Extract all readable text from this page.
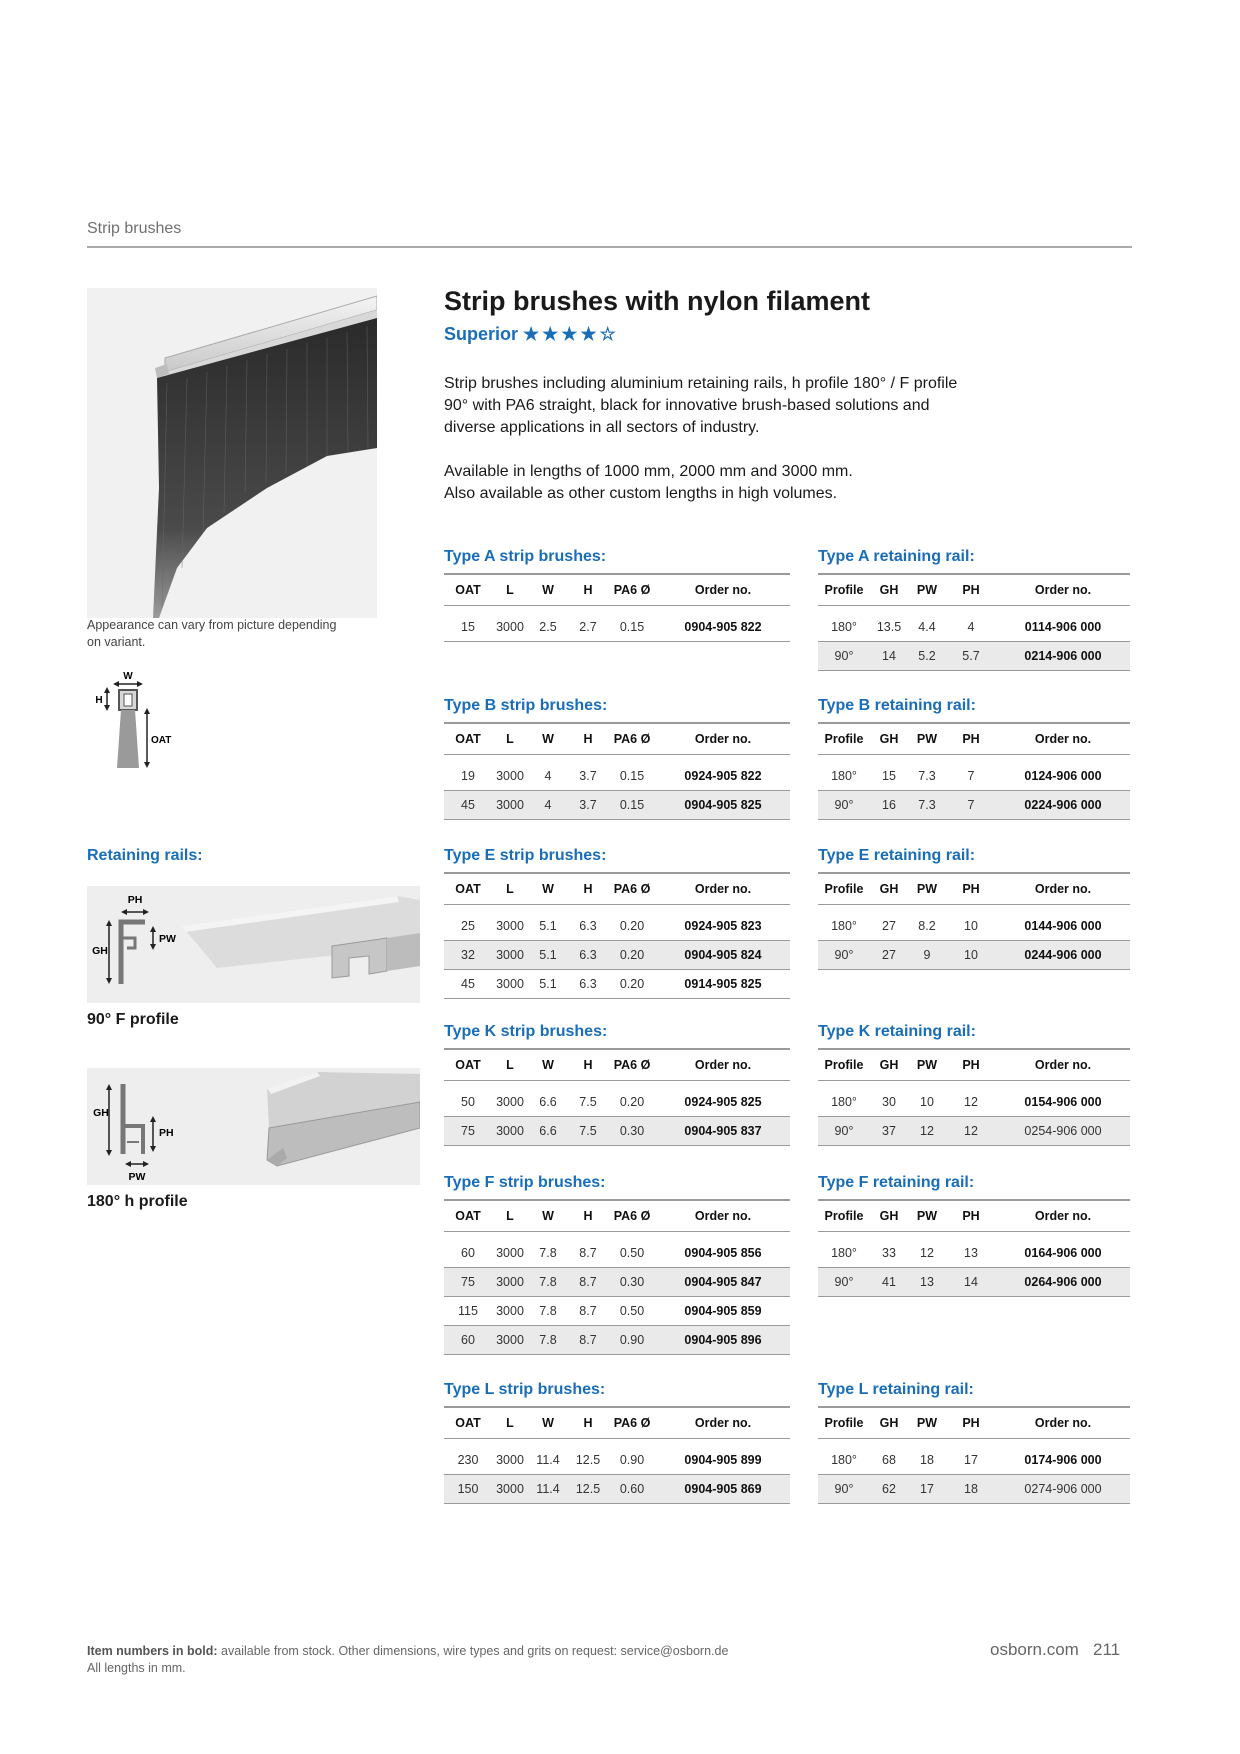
Strip brushes
Appearance can vary from picture depending on variant.
W
H
OAT
Retaining rails:
PH
GH
PW
90° F profile
GH
PH
PW
180° h profile
Strip brushes with nylon filament
Superior ★ ★ ★ ★ ☆

Strip brushes including aluminium retaining rails, h profile 180° / F profile 90° with PA6 straight, black for innovative brush-based solutions and diverse applications in all sectors of industry.

Available in lengths of 1000 mm, 2000 mm and 3000 mm.
Also available as other custom lengths in high volumes.

Type A strip brushes:
OAT	L	W	H	PA6 Ø	Order no.

15	3000	2.5	2.7	0.15	0904-905 822
Type B strip brushes:
OAT	L	W	H	PA6 Ø	Order no.

19	3000	4	3.7	0.15	0924-905 822
45	3000	4	3.7	0.15	0904-905 825
Type E strip brushes:
OAT	L	W	H	PA6 Ø	Order no.

25	3000	5.1	6.3	0.20	0924-905 823
32	3000	5.1	6.3	0.20	0904-905 824
45	3000	5.1	6.3	0.20	0914-905 825
Type K strip brushes:
OAT	L	W	H	PA6 Ø	Order no.

50	3000	6.6	7.5	0.20	0924-905 825
75	3000	6.6	7.5	0.30	0904-905 837
Type F strip brushes:
OAT	L	W	H	PA6 Ø	Order no.

60	3000	7.8	8.7	0.50	0904-905 856
75	3000	7.8	8.7	0.30	0904-905 847
115	3000	7.8	8.7	0.50	0904-905 859
60	3000	7.8	8.7	0.90	0904-905 896
Type L strip brushes:
OAT	L	W	H	PA6 Ø	Order no.

230	3000	11.4	12.5	0.90	0904-905 899
150	3000	11.4	12.5	0.60	0904-905 869
Type A retaining rail:
Profile	GH	PW	PH	Order no.

180°	13.5	4.4	4	0114-906 000
90°	14	5.2	5.7	0214-906 000
Type B retaining rail:
Profile	GH	PW	PH	Order no.

180°	15	7.3	7	0124-906 000
90°	16	7.3	7	0224-906 000
Type E retaining rail:
Profile	GH	PW	PH	Order no.

180°	27	8.2	10	0144-906 000
90°	27	9	10	0244-906 000
Type K retaining rail:
Profile	GH	PW	PH	Order no.

180°	30	10	12	0154-906 000
90°	37	12	12	0254-906 000
Type F retaining rail:
Profile	GH	PW	PH	Order no.

180°	33	12	13	0164-906 000
90°	41	13	14	0264-906 000
Type L retaining rail:
Profile	GH	PW	PH	Order no.

180°	68	18	17	0174-906 000
90°	62	17	18	0274-906 000
Item numbers in bold: available from stock. Other dimensions, wire types and grits on request: service@osborn.de
All lengths in mm.
osborn.com 211
